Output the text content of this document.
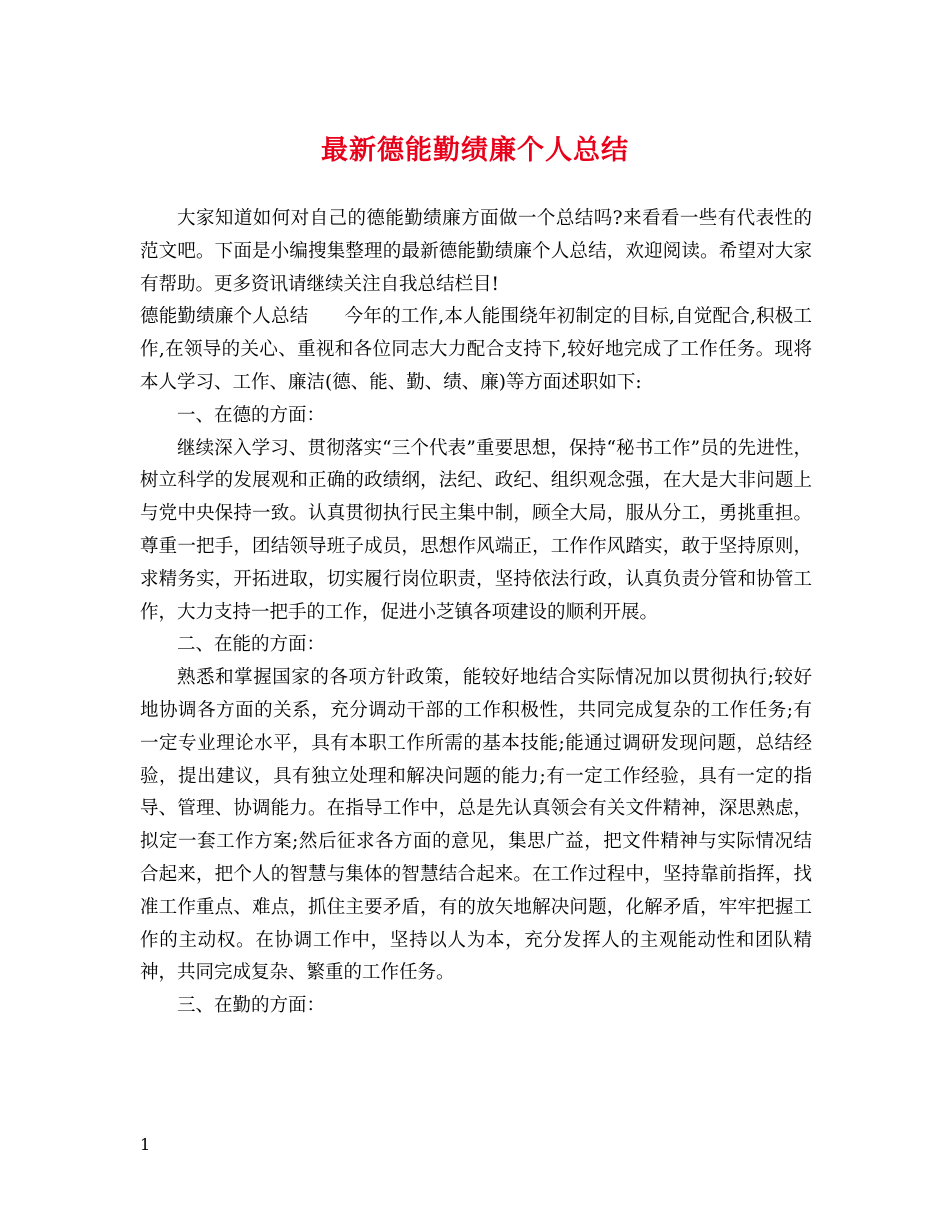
最新德能勤绩廉个人总结

大家知道如何对自己的德能勤绩廉方面做一个总结吗?来看看一些有代表性的范文吧。下面是小编搜集整理的最新德能勤绩廉个人总结，欢迎阅读。希望对大家有帮助。更多资讯请继续关注自我总结栏目!

德能勤绩廉个人总结 今年的工作,本人能围绕年初制定的目标,自觉配合,积极工作,在领导的关心、重视和各位同志大力配合支持下,较好地完成了工作任务。现将本人学习、工作、廉洁(德、能、勤、绩、廉)等方面述职如下:

一、在德的方面：

继续深入学习、贯彻落实“三个代表”重要思想，保持“秘书工作”员的先进性，树立科学的发展观和正确的政绩纲，法纪、政纪、组织观念强，在大是大非问题上与党中央保持一致。认真贯彻执行民主集中制，顾全大局，服从分工，勇挑重担。尊重一把手，团结领导班子成员，思想作风端正，工作作风踏实，敢于坚持原则，求精务实，开拓进取，切实履行岗位职责，坚持依法行政，认真负责分管和协管工作，大力支持一把手的工作，促进小芝镇各项建设的顺利开展。

二、在能的方面：

熟悉和掌握国家的各项方针政策，能较好地结合实际情况加以贯彻执行;较好地协调各方面的关系，充分调动干部的工作积极性，共同完成复杂的工作任务;有一定专业理论水平，具有本职工作所需的基本技能;能通过调研发现问题，总结经验，提出建议，具有独立处理和解决问题的能力;有一定工作经验，具有一定的指导、管理、协调能力。在指导工作中，总是先认真领会有关文件精神，深思熟虑，拟定一套工作方案;然后征求各方面的意见，集思广益，把文件精神与实际情况结合起来，把个人的智慧与集体的智慧结合起来。在工作过程中，坚持靠前指挥，找准工作重点、难点，抓住主要矛盾，有的放矢地解决问题，化解矛盾，牢牢把握工作的主动权。在协调工作中，坚持以人为本，充分发挥人的主观能动性和团队精神，共同完成复杂、繁重的工作任务。

三、在勤的方面：

1
